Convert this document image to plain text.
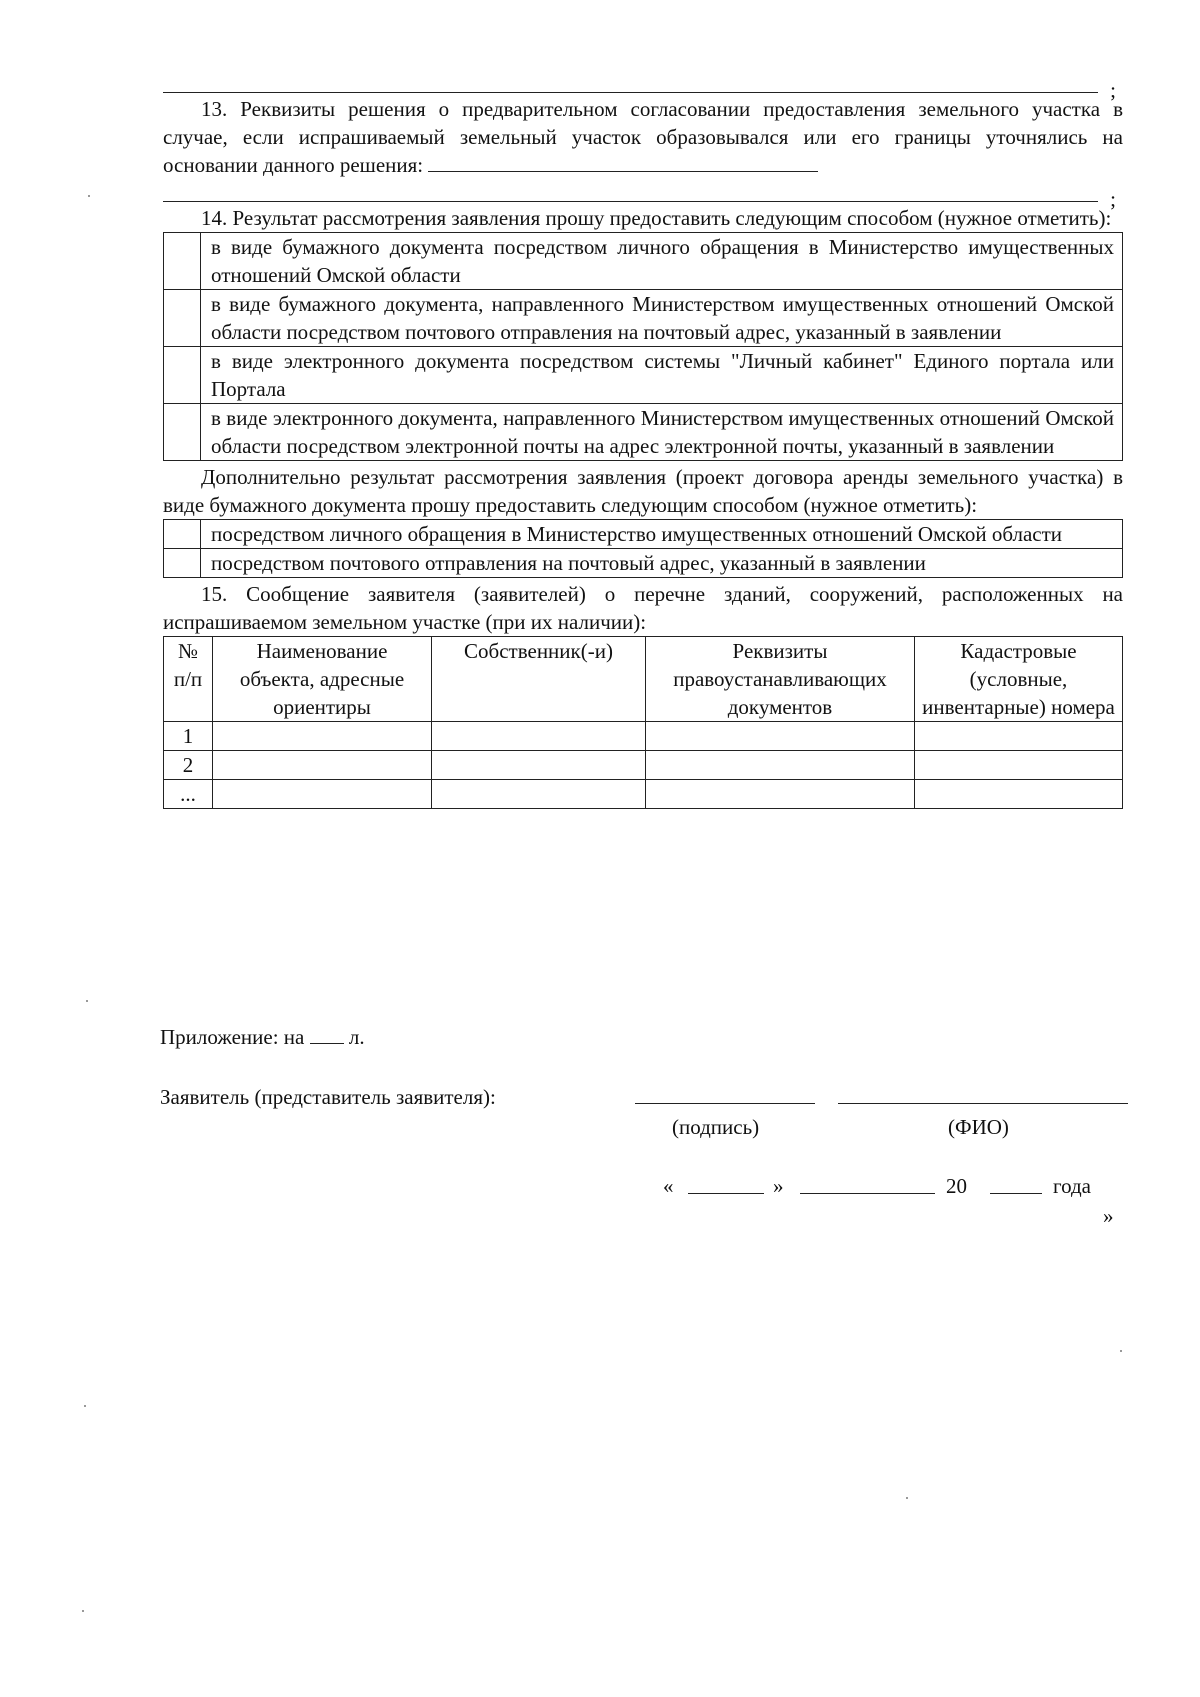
;

13. Реквизиты решения о предварительном согласовании предоставления земельного участка в случае, если испрашиваемый земельный участок образовывался или его границы уточнялись на основании данного решения:

;

14. Результат рассмотрения заявления прошу предоставить следующим способом (нужное отметить):

	в виде бумажного документа посредством личного обращения в Министерство имущественных отношений Омской области
	в виде бумажного документа, направленного Министерством имущественных отношений Омской области посредством почтового отправления на почтовый адрес, указанный в заявлении
	в виде электронного документа посредством системы "Личный кабинет" Единого портала или Портала
	в виде электронного документа, направленного Министерством имущественных отношений Омской области посредством электронной почты на адрес электронной почты, указанный в заявлении

Дополнительно результат рассмотрения заявления (проект договора аренды земельного участка) в виде бумажного документа прошу предоставить следующим способом (нужное отметить):

	посредством личного обращения в Министерство имущественных отношений Омской области
	посредством почтового отправления на почтовый адрес, указанный в заявлении

15. Сообщение заявителя (заявителей) о перечне зданий, сооружений, расположенных на испрашиваемом земельном участке (при их наличии):

№ п/п	Наименование объекта, адресные ориентиры	Собственник(-и)	Реквизиты правоустанавливающих документов	Кадастровые (условные, инвентарные) номера
1				
2				
...				
Приложение: на л.
Заявитель (представитель заявителя):
(подпись)	(ФИО)
«	»	20	года
»
